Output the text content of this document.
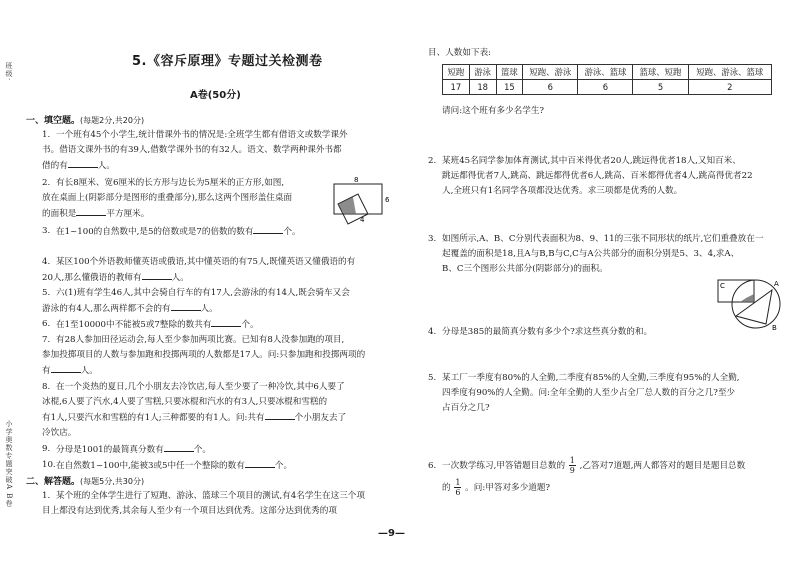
班级·
小学奥数专题突破A B卷
5.《容斥原理》专题过关检测卷
A卷(50分)
一、填空题。(每题2分,共20分)
1. 一个班有45个小学生,统计借课外书的情况是:全班学生都有借语文或数学课外
书。借语文课外书的有39人,借数学课外书的有32人。语文、数学两种课外书都
借的有	人。
2. 有长8厘米、宽6厘米的长方形与边长为5厘米的正方形,如图,
放在桌面上(阴影部分是图形的重叠部分),那么这两个图形盖住桌面
的面积是	平方厘米。
8
6
4
3. 在1~100的自然数中,是5的倍数或是7的倍数的数有	个。
4. 某区100个外语教师懂英语或俄语,其中懂英语的有75人,既懂英语又懂俄语的有
20人,那么懂俄语的教师有	人。
5. 六(1)班有学生46人,其中会骑自行车的有17人,会游泳的有14人,既会骑车又会
游泳的有4人,那么两样都不会的有	人。
6. 在1至10000中不能被5或7整除的数共有	个。
7. 有28人参加田径运动会,每人至少参加两项比赛。已知有8人没参加跑的项目,
参加投掷项目的人数与参加跑和投掷两项的人数都是17人。问:只参加跑和投掷两项的
有	人。
8. 在一个炎热的夏日,几个小朋友去冷饮店,每人至少要了一种冷饮,其中6人要了
冰棍,6人要了汽水,4人要了雪糕,只要冰棍和汽水的有3人,只要冰棍和雪糕的
有1人,只要汽水和雪糕的有1人;三种都要的有1人。问:共有	个小朋友去了
冷饮店。
9. 分母是1001的最简真分数有	个。
10. 在自然数1~100中,能被3或5中任一个整除的数有	个。
二、解答题。(每题5分,共30分)
1. 某个班的全体学生进行了短跑、游泳、篮球三个项目的测试,有4名学生在这三个项
目上都没有达到优秀,其余每人至少有一个项目达到优秀。这部分达到优秀的项
—9—
目、人数如下表:
短跑	游泳	篮球	短跑、游泳	游泳、篮球	篮球、短跑	短跑、游泳、篮球
17	18	15	6	6	5	2
请问:这个班有多少名学生?
2. 某班45名同学参加体育测试,其中百米得优者20人,跳远得优者18人,又知百米、
跳远都得优者7人,跳高、跳远都得优者6人,跳高、百米都得优者4人,跳高得优者22
人,全班只有1名同学各项都没达优秀。求三项都是优秀的人数。
3. 如图所示,A、B、C分别代表面积为8、9、11的三张不同形状的纸片,它们重叠放在一
起覆盖的面积是18,且A与B,B与C,C与A公共部分的面积分别是5、3、4,求A、
B、C三个图形公共部分(阴影部分)的面积。
A
B
C
4. 分母是385的最简真分数有多少个?求这些真分数的和。
5. 某工厂一季度有80%的人全勤,二季度有85%的人全勤,三季度有95%的人全勤,
四季度有90%的人全勤。问:全年全勤的人至少占全厂总人数的百分之几?至少
占百分之几?
6. 一次数学练习,甲答错题目总数的 $\frac{1}{9}$ ,乙答对7道题,两人都答对的题目是题目总数
的 $\frac{1}{6}$ 。问:甲答对多少道题?
